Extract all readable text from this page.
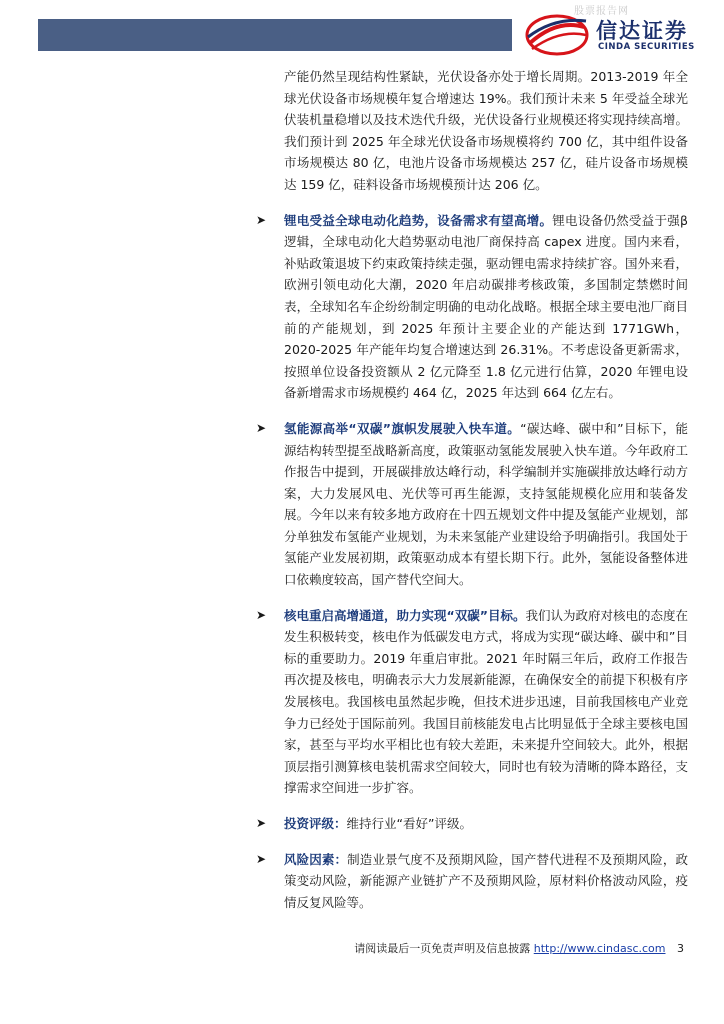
股票报告网
信达证券
CINDA SECURITIES
产能仍然呈现结构性紧缺，光伏设备亦处于增长周期。2013-2019 年全球光伏设备市场规模年复合增速达 19%。我们预计未来 5 年受益全球光伏装机量稳增以及技术迭代升级，光伏设备行业规模还将实现持续高增。我们预计到 2025 年全球光伏设备市场规模将约 700 亿，其中组件设备市场规模达 80 亿，电池片设备市场规模达 257 亿，硅片设备市场规模达 159 亿，硅料设备市场规模预计达 206 亿。
➤ 锂电受益全球电动化趋势，设备需求有望高增。锂电设备仍然受益于强β逻辑，全球电动化大趋势驱动电池厂商保持高 capex 进度。国内来看，补贴政策退坡下约束政策持续走强，驱动锂电需求持续扩容。国外来看，欧洲引领电动化大潮，2020 年启动碳排考核政策，多国制定禁燃时间表，全球知名车企纷纷制定明确的电动化战略。根据全球主要电池厂商目前的产能规划，到 2025 年预计主要企业的产能达到 1771GWh，2020-2025 年产能年均复合增速达到 26.31%。不考虑设备更新需求，按照单位设备投资额从 2 亿元降至 1.8 亿元进行估算，2020 年锂电设备新增需求市场规模约 464 亿，2025 年达到 664 亿左右。
➤ 氢能源高举“双碳”旗帜发展驶入快车道。“碳达峰、碳中和”目标下，能源结构转型提至战略新高度，政策驱动氢能发展驶入快车道。今年政府工作报告中提到，开展碳排放达峰行动，科学编制并实施碳排放达峰行动方案，大力发展风电、光伏等可再生能源，支持氢能规模化应用和装备发展。今年以来有较多地方政府在十四五规划文件中提及氢能产业规划，部分单独发布氢能产业规划，为未来氢能产业建设给予明确指引。我国处于氢能产业发展初期，政策驱动成本有望长期下行。此外，氢能设备整体进口依赖度较高，国产替代空间大。
➤ 核电重启高增通道，助力实现“双碳”目标。我们认为政府对核电的态度在发生积极转变，核电作为低碳发电方式，将成为实现“碳达峰、碳中和”目标的重要助力。2019 年重启审批。2021 年时隔三年后，政府工作报告再次提及核电，明确表示大力发展新能源，在确保安全的前提下积极有序发展核电。我国核电虽然起步晚，但技术进步迅速，目前我国核电产业竞争力已经处于国际前列。我国目前核能发电占比明显低于全球主要核电国家，甚至与平均水平相比也有较大差距，未来提升空间较大。此外，根据顶层指引测算核电装机需求空间较大，同时也有较为清晰的降本路径，支撑需求空间进一步扩容。
➤ 投资评级：维持行业“看好”评级。
➤ 风险因素：制造业景气度不及预期风险，国产替代进程不及预期风险，政策变动风险，新能源产业链扩产不及预期风险，原材料价格波动风险，疫情反复风险等。
请阅读最后一页免责声明及信息披露 http://www.cindasc.com 3
